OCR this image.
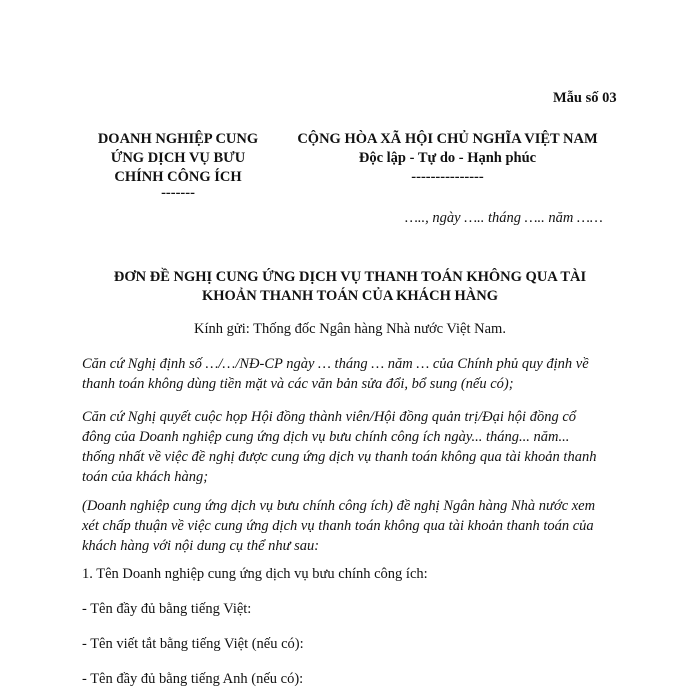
Mẫu số 03
DOANH NGHIỆP CUNG
ỨNG DỊCH VỤ BƯU
CHÍNH CÔNG ÍCH
-------
CỘNG HÒA XÃ HỘI CHỦ NGHĨA VIỆT NAM
Độc lập - Tự do - Hạnh phúc
---------------
….., ngày ….. tháng ….. năm ……
ĐƠN ĐỀ NGHỊ CUNG ỨNG DỊCH VỤ THANH TOÁN KHÔNG QUA TÀI
KHOẢN THANH TOÁN CỦA KHÁCH HÀNG
Kính gửi: Thống đốc Ngân hàng Nhà nước Việt Nam.
Căn cứ Nghị định số …/…/NĐ-CP ngày … tháng … năm … của Chính phủ quy định về
thanh toán không dùng tiền mặt và các văn bản sửa đổi, bổ sung (nếu có);
Căn cứ Nghị quyết cuộc họp Hội đồng thành viên/Hội đồng quản trị/Đại hội đồng cổ
đông của Doanh nghiệp cung ứng dịch vụ bưu chính công ích ngày... tháng... năm...
thống nhất về việc đề nghị được cung ứng dịch vụ thanh toán không qua tài khoản thanh
toán của khách hàng;
(Doanh nghiệp cung ứng dịch vụ bưu chính công ích) đề nghị Ngân hàng Nhà nước xem
xét chấp thuận về việc cung ứng dịch vụ thanh toán không qua tài khoản thanh toán của
khách hàng với nội dung cụ thể như sau:
1. Tên Doanh nghiệp cung ứng dịch vụ bưu chính công ích:
- Tên đầy đủ bằng tiếng Việt:
- Tên viết tắt bằng tiếng Việt (nếu có):
- Tên đầy đủ bằng tiếng Anh (nếu có):
